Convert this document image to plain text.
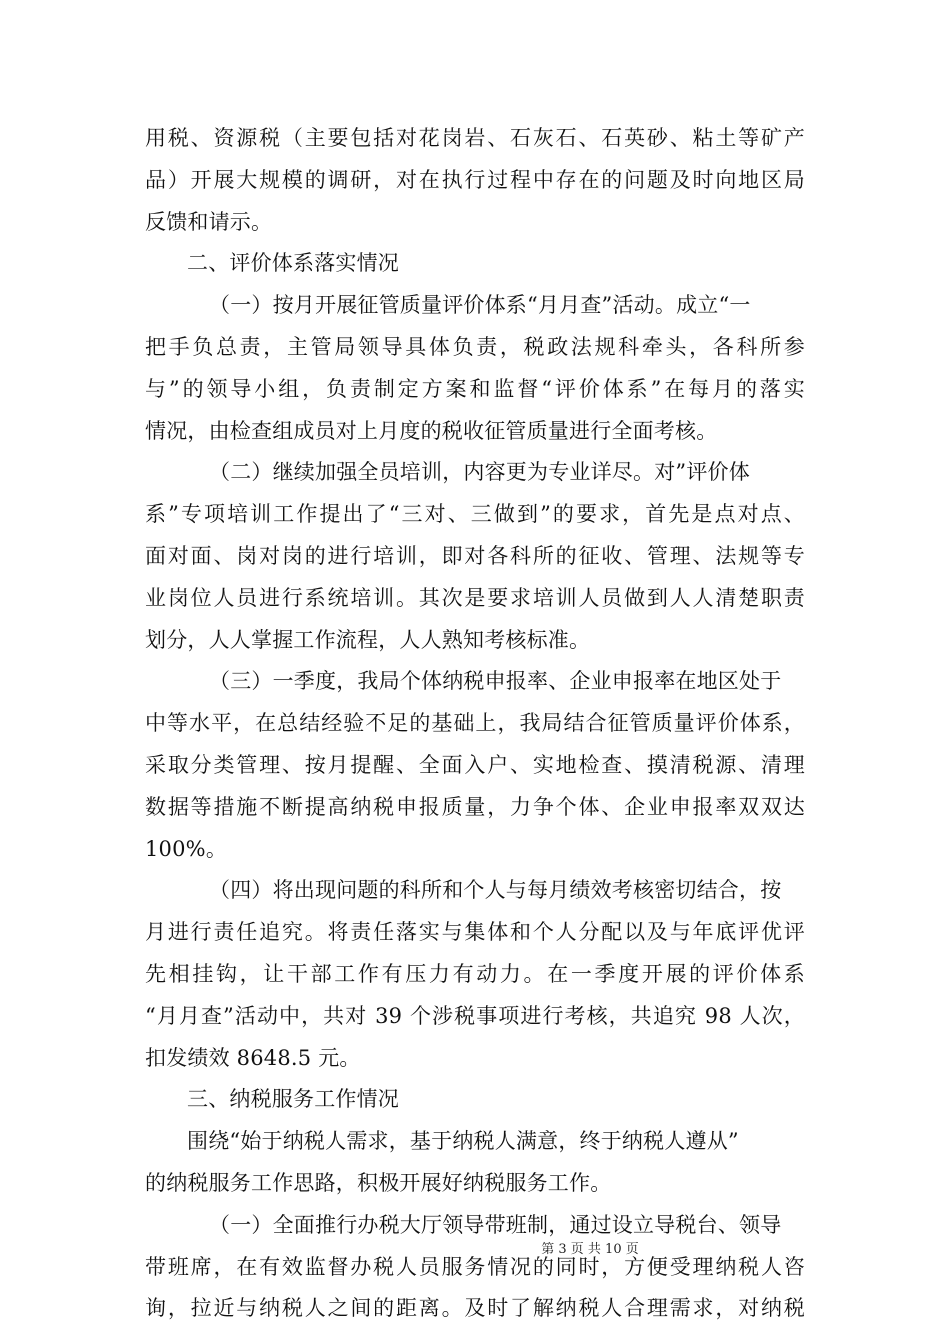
用税、资源税（主要包括对花岗岩、石灰石、石英砂、粘土等矿产
品）开展大规模的调研，对在执行过程中存在的问题及时向地区局
反馈和请示。
二、评价体系落实情况
（一）按月开展征管质量评价体系“月月查”活动。成立“一
把手负总责，主管局领导具体负责，税政法规科牵头，各科所参
与”的领导小组，负责制定方案和监督“评价体系”在每月的落实
情况，由检查组成员对上月度的税收征管质量进行全面考核。
（二）继续加强全员培训，内容更为专业详尽。对”评价体
系”专项培训工作提出了“三对、三做到”的要求，首先是点对点、
面对面、岗对岗的进行培训，即对各科所的征收、管理、法规等专
业岗位人员进行系统培训。其次是要求培训人员做到人人清楚职责
划分，人人掌握工作流程，人人熟知考核标准。
（三）一季度，我局个体纳税申报率、企业申报率在地区处于
中等水平，在总结经验不足的基础上，我局结合征管质量评价体系，
采取分类管理、按月提醒、全面入户、实地检查、摸清税源、清理
数据等措施不断提高纳税申报质量，力争个体、企业申报率双双达
100%。
（四）将出现问题的科所和个人与每月绩效考核密切结合，按
月进行责任追究。将责任落实与集体和个人分配以及与年底评优评
先相挂钩，让干部工作有压力有动力。在一季度开展的评价体系
“月月查”活动中，共对 39 个涉税事项进行考核，共追究 98 人次，
扣发绩效 8648.5 元。
三、纳税服务工作情况
围绕“始于纳税人需求，基于纳税人满意，终于纳税人遵从”
的纳税服务工作思路，积极开展好纳税服务工作。
（一）全面推行办税大厅领导带班制，通过设立导税台、领导
带班席，在有效监督办税人员服务情况的同时，方便受理纳税人咨
询，拉近与纳税人之间的距离。及时了解纳税人合理需求，对纳税
第 3 页 共 10 页
